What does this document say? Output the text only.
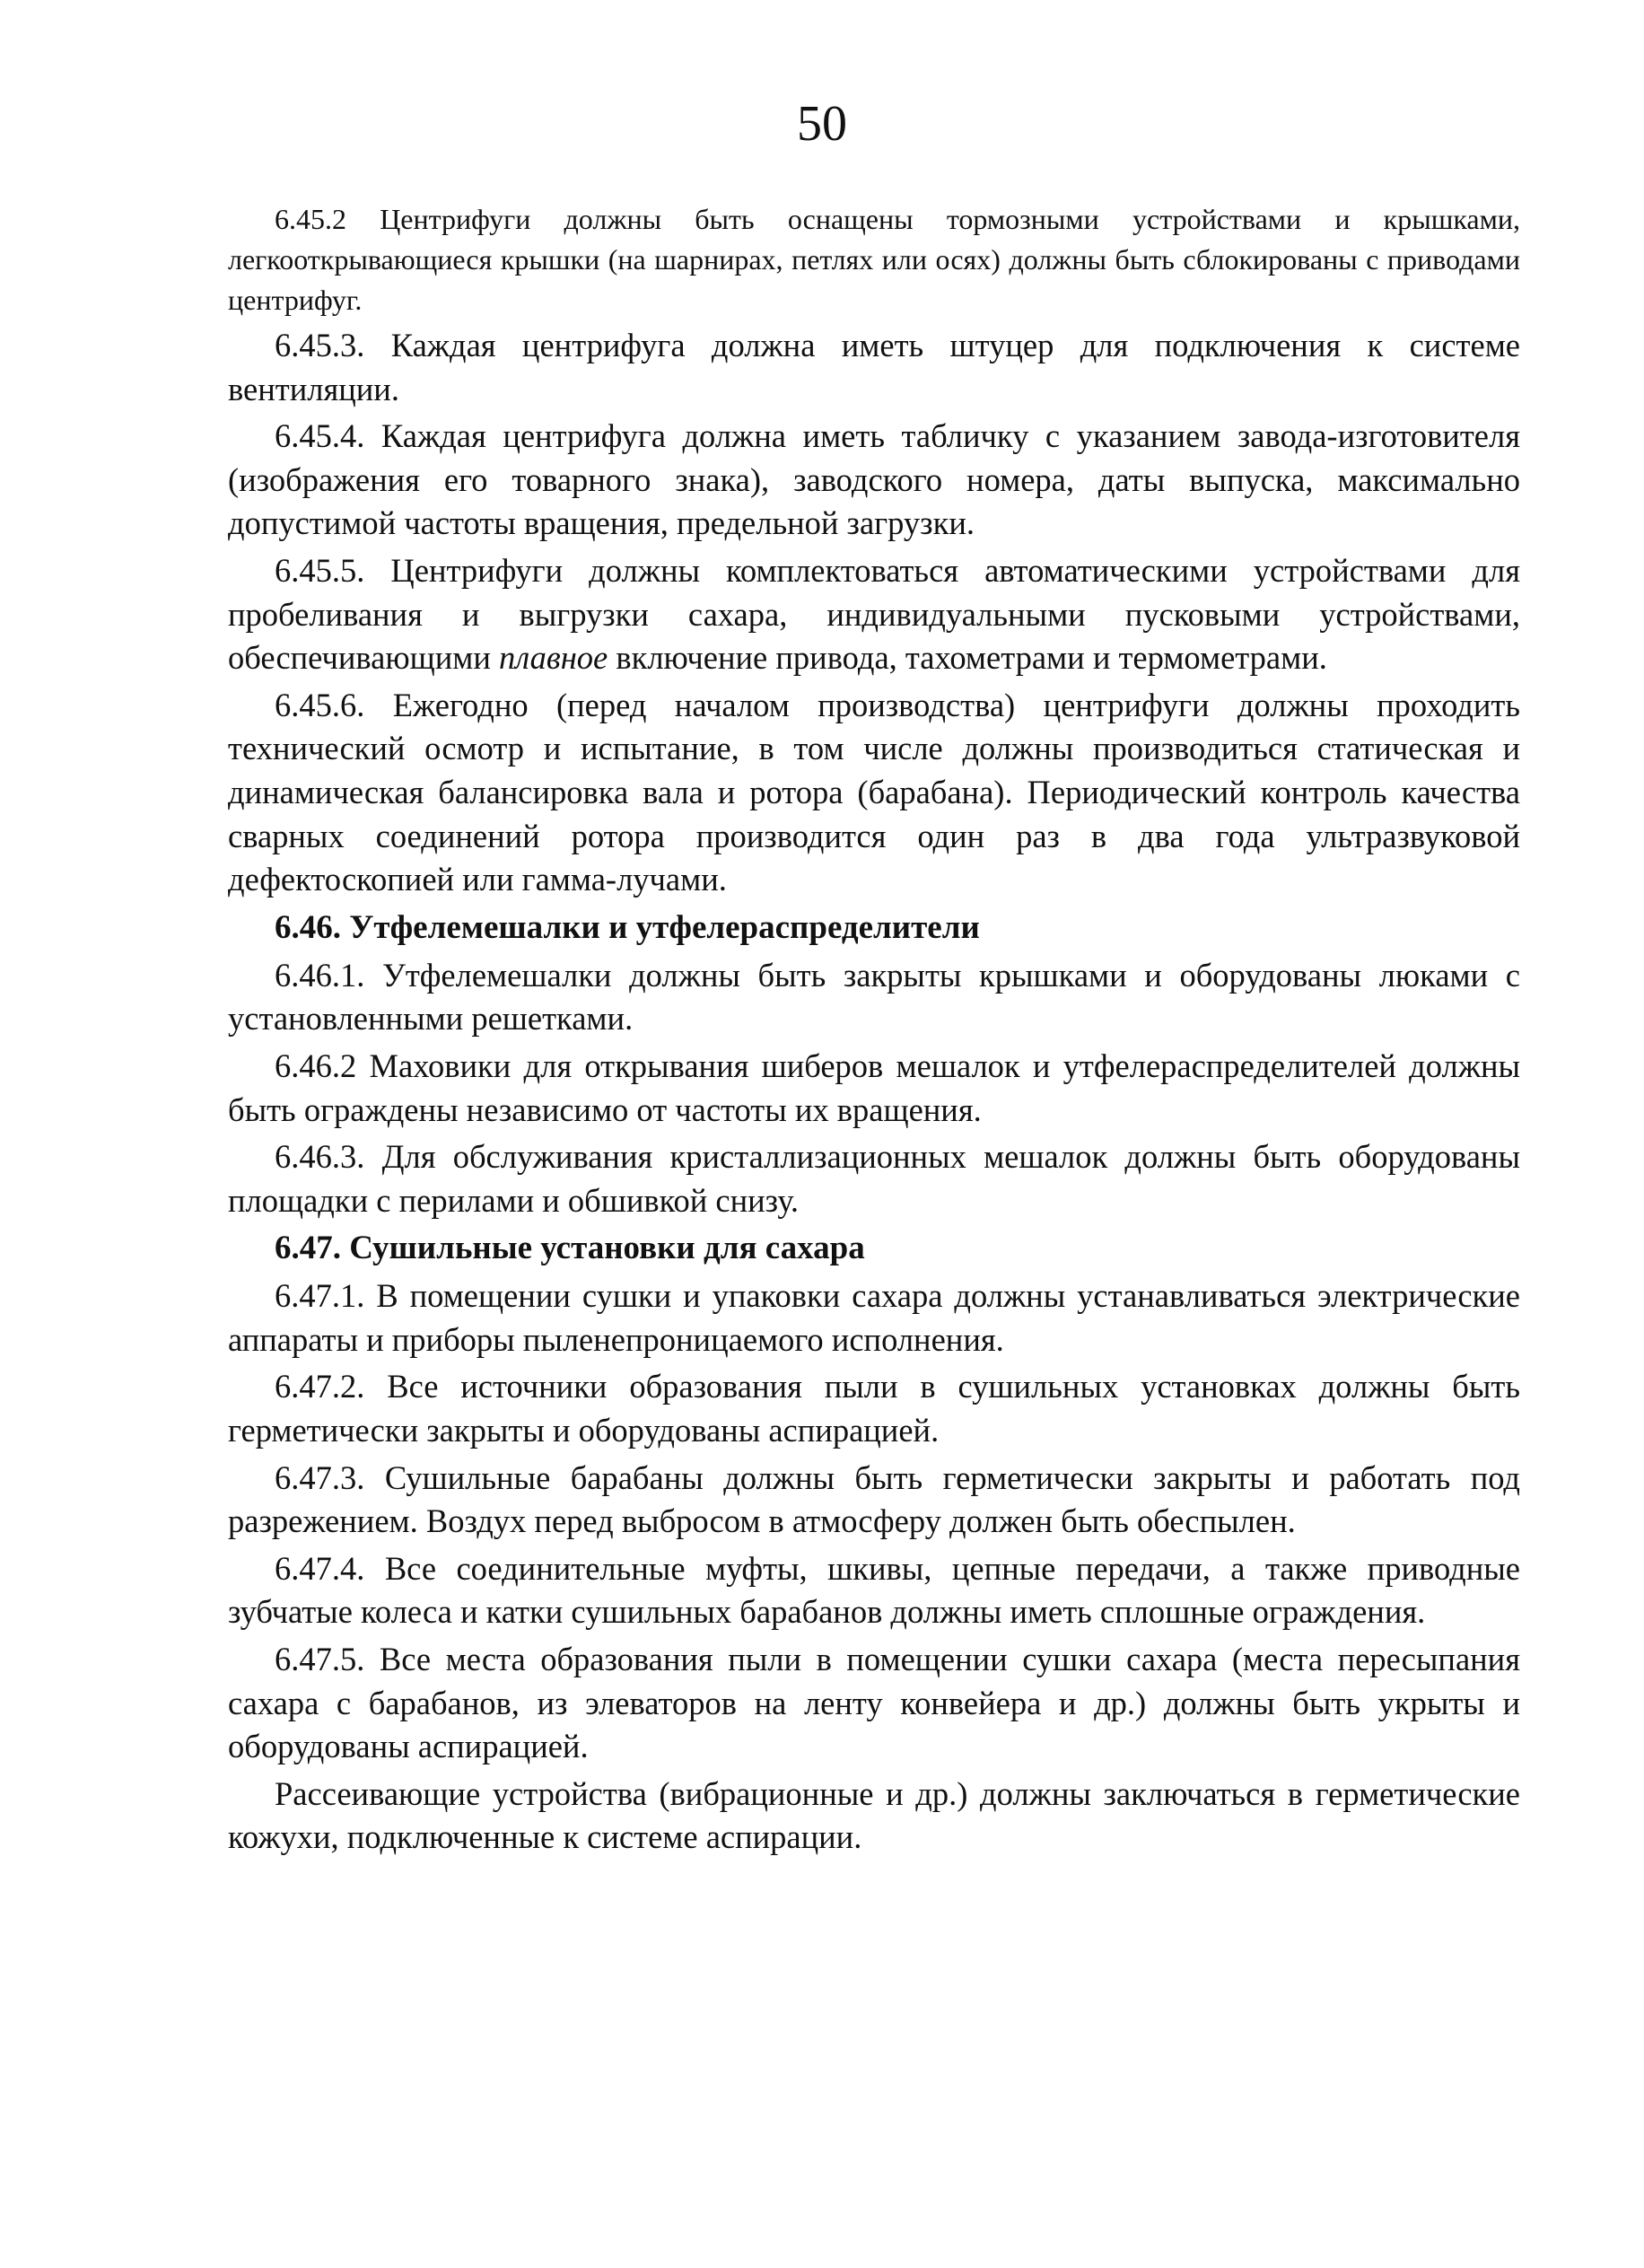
50

6.45.2 Центрифуги должны быть оснащены тормозными устройствами и крышками, легкооткрывающиеся крышки (на шарнирах, петлях или осях) должны быть сблокированы с приводами центрифуг.

6.45.3. Каждая центрифуга должна иметь штуцер для подключения к системе вентиляции.

6.45.4. Каждая центрифуга должна иметь табличку с указанием завода-изготовителя (изображения его товарного знака), заводского номера, даты выпуска, максимально допустимой частоты вращения, предельной загрузки.

6.45.5. Центрифуги должны комплектоваться автоматическими устройствами для пробеливания и выгрузки сахара, индивидуальными пусковыми устройствами, обеспечивающими плавное включение привода, тахометрами и термометрами.

6.45.6. Ежегодно (перед началом производства) центрифуги должны проходить технический осмотр и испытание, в том числе должны производиться статическая и динамическая балансировка вала и ротора (барабана). Периодический контроль качества сварных соединений ротора производится один раз в два года ультразвуковой дефектоскопией или гамма-лучами.

6.46. Утфелемешалки и утфелераспределители

6.46.1. Утфелемешалки должны быть закрыты крышками и оборудованы люками с установленными решетками.

6.46.2 Маховики для открывания шиберов мешалок и утфелераспределителей должны быть ограждены независимо от частоты их вращения.

6.46.3. Для обслуживания кристаллизационных мешалок должны быть оборудованы площадки с перилами и обшивкой снизу.

6.47. Сушильные установки для сахара

6.47.1. В помещении сушки и упаковки сахара должны устанавливаться электрические аппараты и приборы пыленепроницаемого исполнения.

6.47.2. Все источники образования пыли в сушильных установках должны быть герметически закрыты и оборудованы аспирацией.

6.47.3. Сушильные барабаны должны быть герметически закрыты и работать под разрежением. Воздух перед выбросом в атмосферу должен быть обеспылен.

6.47.4. Все соединительные муфты, шкивы, цепные передачи, а также приводные зубчатые колеса и катки сушильных барабанов должны иметь сплошные ограждения.

6.47.5. Все места образования пыли в помещении сушки сахара (места пересыпания сахара с барабанов, из элеваторов на ленту конвейера и др.) должны быть укрыты и оборудованы аспирацией.

Рассеивающие устройства (вибрационные и др.) должны заключаться в герметические кожухи, подключенные к системе аспирации.
